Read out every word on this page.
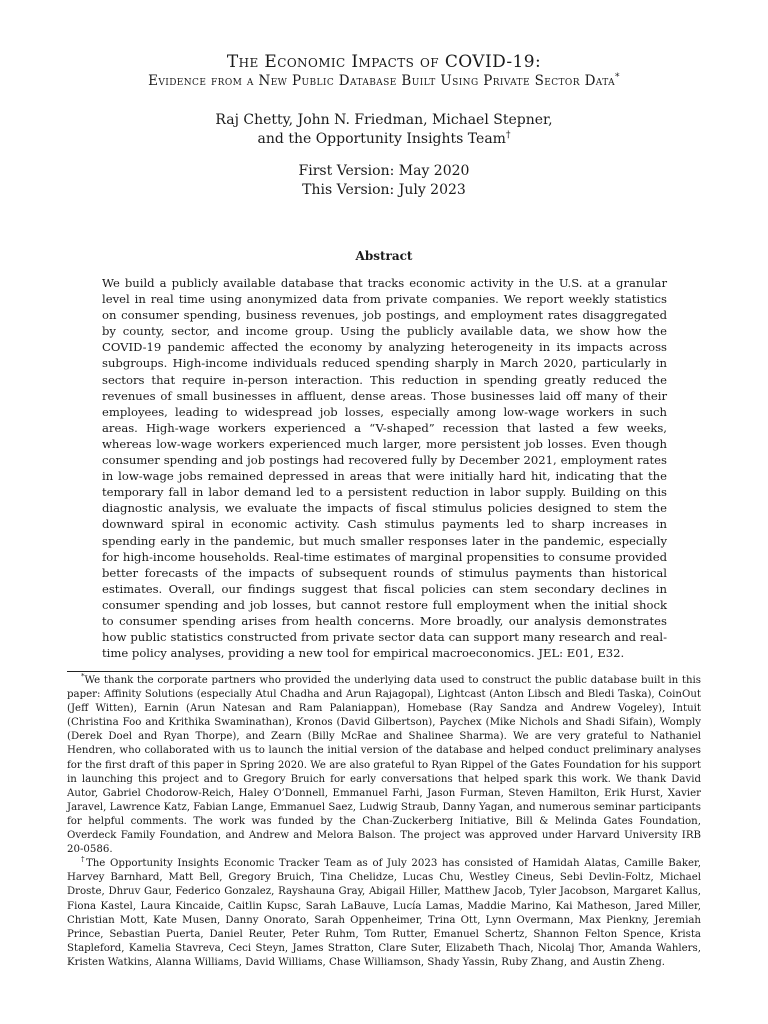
The Economic Impacts of COVID-19:
Evidence from a New Public Database Built Using Private Sector Data*
Raj Chetty, John N. Friedman, Michael Stepner,
and the Opportunity Insights Team†
First Version: May 2020
This Version: July 2023
Abstract
We build a publicly available database that tracks economic activity in the U.S. at a granular level in real time using anonymized data from private companies. We report weekly statistics on consumer spending, business revenues, job postings, and employment rates disaggregated by county, sector, and income group. Using the publicly available data, we show how the COVID-19 pandemic affected the economy by analyzing heterogeneity in its impacts across subgroups. High-income individuals reduced spending sharply in March 2020, particularly in sectors that require in-person interaction. This reduction in spending greatly reduced the revenues of small businesses in affluent, dense areas. Those businesses laid off many of their employees, leading to widespread job losses, especially among low-wage workers in such areas. High-wage workers experienced a “V-shaped” recession that lasted a few weeks, whereas low-wage workers experienced much larger, more persistent job losses. Even though consumer spending and job postings had recovered fully by December 2021, employment rates in low-wage jobs remained depressed in areas that were initially hard hit, indicating that the temporary fall in labor demand led to a persistent reduction in labor supply. Building on this diagnostic analysis, we evaluate the impacts of fiscal stimulus policies designed to stem the downward spiral in economic activity. Cash stimulus payments led to sharp increases in spending early in the pandemic, but much smaller responses later in the pandemic, especially for high-income households. Real-time estimates of marginal propensities to consume provided better forecasts of the impacts of subsequent rounds of stimulus payments than historical estimates. Overall, our findings suggest that fiscal policies can stem secondary declines in consumer spending and job losses, but cannot restore full employment when the initial shock to consumer spending arises from health concerns. More broadly, our analysis demonstrates how public statistics constructed from private sector data can support many research and real-time policy analyses, providing a new tool for empirical macroeconomics. JEL: E01, E32.

*We thank the corporate partners who provided the underlying data used to construct the public database built in this paper: Affinity Solutions (especially Atul Chadha and Arun Rajagopal), Lightcast (Anton Libsch and Bledi Taska), CoinOut (Jeff Witten), Earnin (Arun Natesan and Ram Palaniappan), Homebase (Ray Sandza and Andrew Vogeley), Intuit (Christina Foo and Krithika Swaminathan), Kronos (David Gilbertson), Paychex (Mike Nichols and Shadi Sifain), Womply (Derek Doel and Ryan Thorpe), and Zearn (Billy McRae and Shalinee Sharma). We are very grateful to Nathaniel Hendren, who collaborated with us to launch the initial version of the database and helped conduct preliminary analyses for the first draft of this paper in Spring 2020. We are also grateful to Ryan Rippel of the Gates Foundation for his support in launching this project and to Gregory Bruich for early conversations that helped spark this work. We thank David Autor, Gabriel Chodorow-Reich, Haley O’Donnell, Emmanuel Farhi, Jason Furman, Steven Hamilton, Erik Hurst, Xavier Jaravel, Lawrence Katz, Fabian Lange, Emmanuel Saez, Ludwig Straub, Danny Yagan, and numerous seminar participants for helpful comments. The work was funded by the Chan-Zuckerberg Initiative, Bill & Melinda Gates Foundation, Overdeck Family Foundation, and Andrew and Melora Balson. The project was approved under Harvard University IRB 20-0586.

†The Opportunity Insights Economic Tracker Team as of July 2023 has consisted of Hamidah Alatas, Camille Baker, Harvey Barnhard, Matt Bell, Gregory Bruich, Tina Chelidze, Lucas Chu, Westley Cineus, Sebi Devlin-Foltz, Michael Droste, Dhruv Gaur, Federico Gonzalez, Rayshauna Gray, Abigail Hiller, Matthew Jacob, Tyler Jacobson, Margaret Kallus, Fiona Kastel, Laura Kincaide, Caitlin Kupsc, Sarah LaBauve, Lucía Lamas, Maddie Marino, Kai Matheson, Jared Miller, Christian Mott, Kate Musen, Danny Onorato, Sarah Oppenheimer, Trina Ott, Lynn Overmann, Max Pienkny, Jeremiah Prince, Sebastian Puerta, Daniel Reuter, Peter Ruhm, Tom Rutter, Emanuel Schertz, Shannon Felton Spence, Krista Stapleford, Kamelia Stavreva, Ceci Steyn, James Stratton, Clare Suter, Elizabeth Thach, Nicolaj Thor, Amanda Wahlers, Kristen Watkins, Alanna Williams, David Williams, Chase Williamson, Shady Yassin, Ruby Zhang, and Austin Zheng.
